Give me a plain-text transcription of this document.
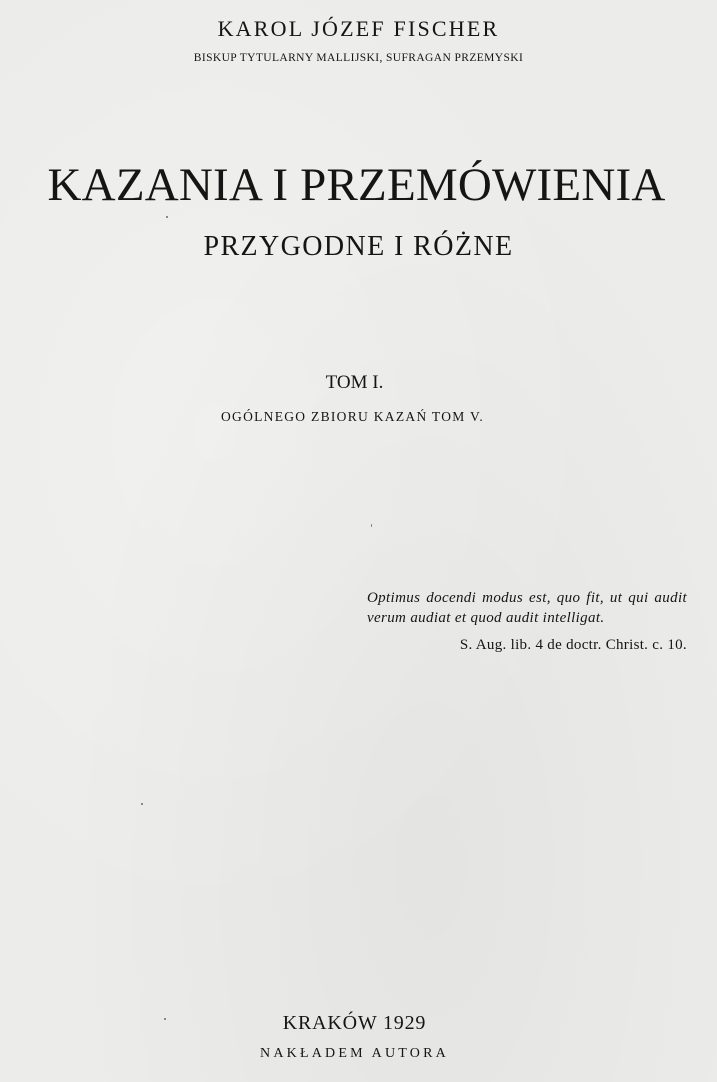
KAROL JÓZEF FISCHER

BISKUP TYTULARNY MALLIJSKI, SUFRAGAN PRZEMYSKI

KAZANIA I PRZEMÓWIENIA
PRZYGODNE I RÓŻNE

TOM I.

OGÓLNEGO ZBIORU KAZAŃ TOM V.

Optimus docendi modus est, quo fit, ut qui audit verum audiat et quod audit intelligat.

S. Aug. lib. 4 de doctr. Christ. c. 10.

KRAKÓW 1929

NAKŁADEM AUTORA
